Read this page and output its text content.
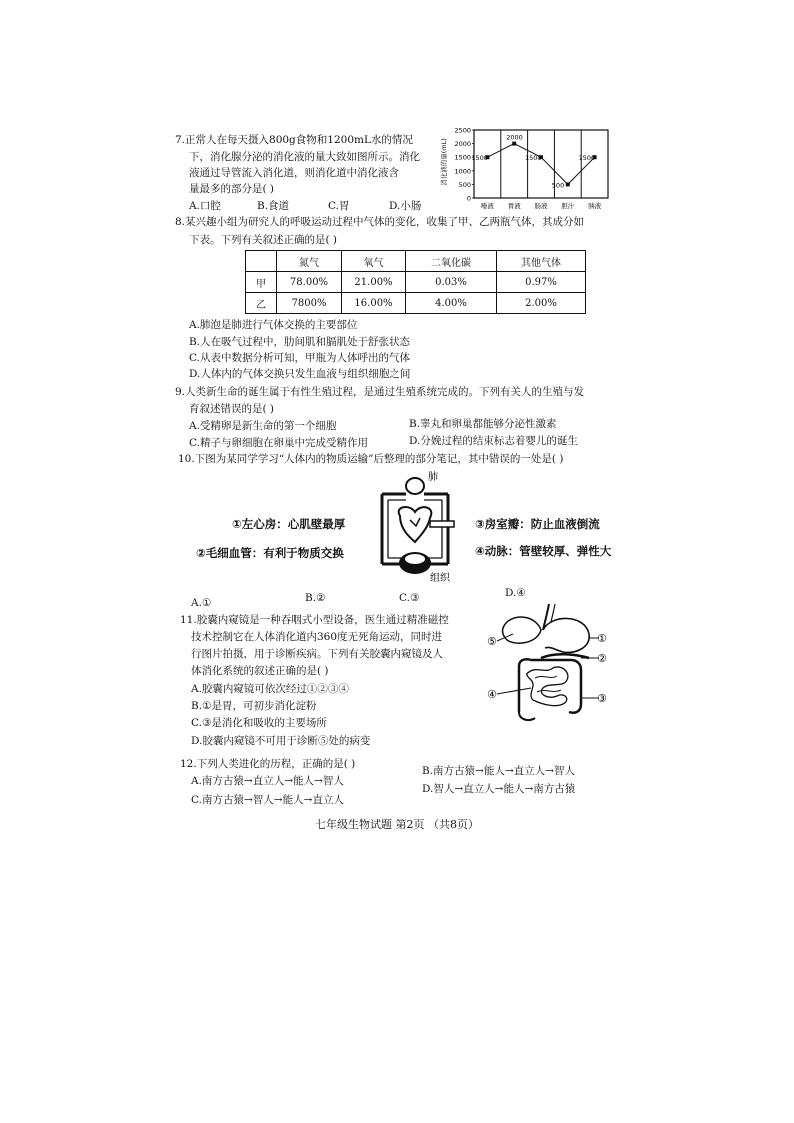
7.正常人在每天摄入800g食物和1200mL水的情况
下，消化腺分泌的消化液的量大致如图所示。消化
液通过导管流入消化道，则消化道中消化液含
量最多的部分是( )
A.口腔	B.食道	C.胃	D.小肠
消化液的量(mL)
0
500
1000
1500
2000
2500
唾液 胃液 肠液 胆汁 胰液
1500
2000
1500
500
1500
8.某兴趣小组为研究人的呼吸运动过程中气体的变化，收集了甲、乙两瓶气体，其成分如
下表。下列有关叙述正确的是( )
	氮气	氧气	二氧化碳	其他气体
甲	78.00%	21.00%	0.03%	0.97%
乙	7800%	16.00%	4.00%	2.00%
A.肺泡是肺进行气体交换的主要部位
B.人在吸气过程中，肋间肌和膈肌处于舒张状态
C.从表中数据分析可知，甲瓶为人体呼出的气体
D.人体内的气体交换只发生血液与组织细胞之间
9.人类新生命的诞生属于有性生殖过程，是通过生殖系统完成的。下列有关人的生殖与发
育叙述错误的是( )
A.受精卵是新生命的第一个细胞	B.睾丸和卵巢都能够分泌性激素
C.精子与卵细胞在卵巢中完成受精作用	D.分娩过程的结束标志着婴儿的诞生
10.下图为某同学学习“人体内的物质运输”后整理的部分笔记，其中错误的一处是( )
肺
组织
①左心房：心肌壁最厚	③房室瓣：防止血液倒流
②毛细血管：有利于物质交换	④动脉：管壁较厚、弹性大
A.①	B.②	C.③	D.④
11.胶囊内窥镜是一种吞咽式小型设备，医生通过精准磁控
技术控制它在人体消化道内360度无死角运动，同时进
行图片拍摄，用于诊断疾病。下列有关胶囊内窥镜及人
体消化系统的叙述正确的是( )
A.胶囊内窥镜可依次经过①②③④
B.①是胃，可初步消化淀粉
C.③是消化和吸收的主要场所
D.胶囊内窥镜不可用于诊断⑤处的病变
①
②
③
④
⑤
12.下列人类进化的历程，正确的是( )
A.南方古猿→直立人→能人→智人
B.南方古猿→能人→直立人→智人
C.南方古猿→智人→能人→直立人
D.智人→直立人→能人→南方古猿
七年级生物试题 第2页 （共8页）
